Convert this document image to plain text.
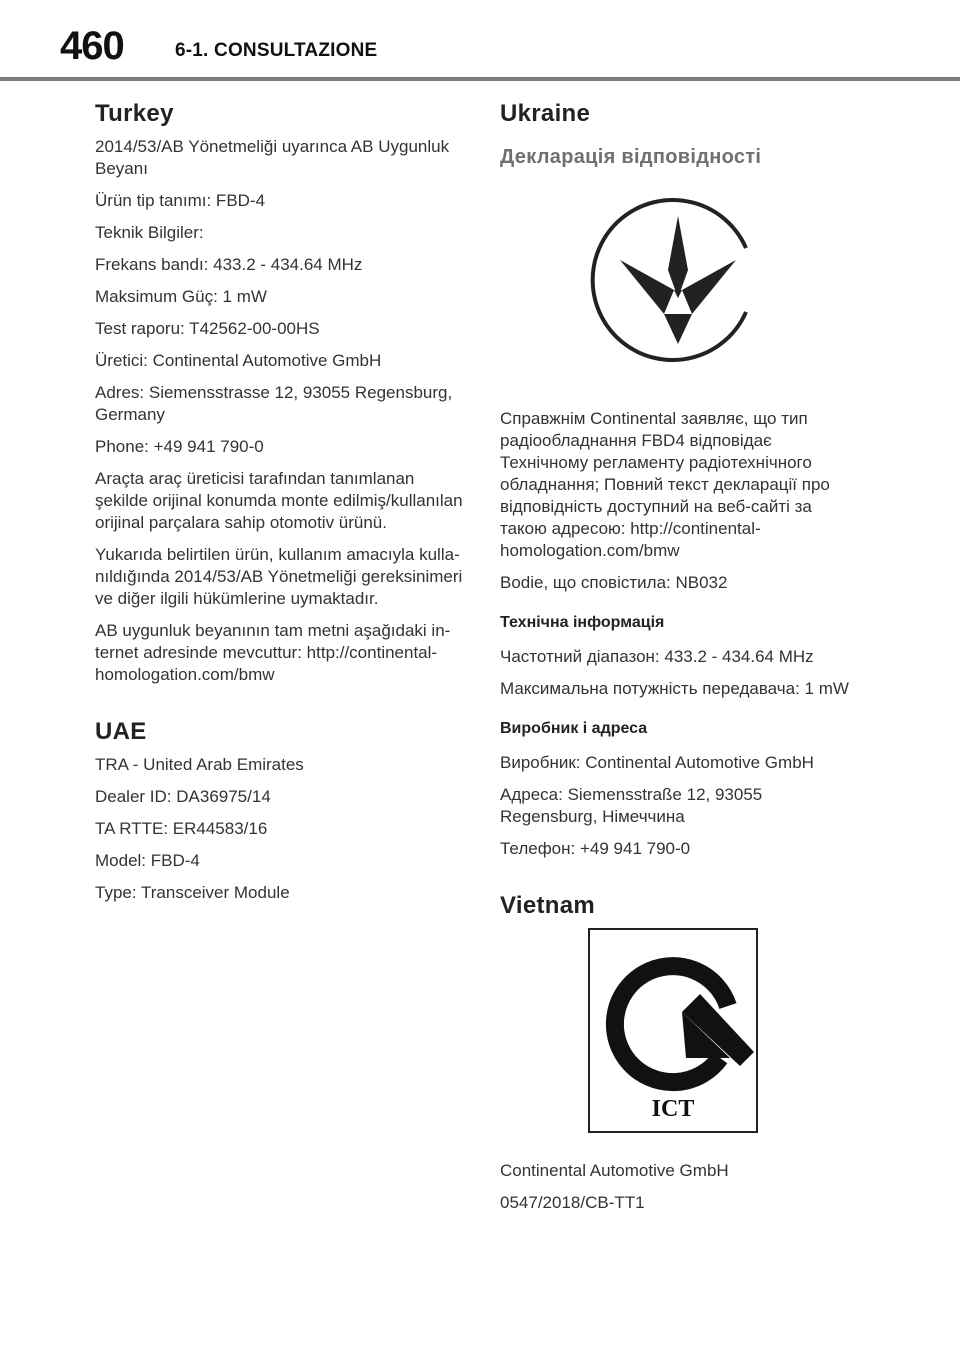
460	6-1. CONSULTAZIONE
Turkey

2014/53/AB Yönetmeliği uyarınca AB Uygunluk Beyanı

Ürün tip tanımı: FBD-4

Teknik Bilgiler:

Frekans bandı: 433.2 - 434.64 MHz

Maksimum Güç: 1 mW

Test raporu: T42562-00-00HS

Üretici: Continental Automotive GmbH

Adres: Siemensstrasse 12, 93055 Regensburg, Germany

Phone: +49 941 790-0

Araçta araç üreticisi tarafından tanımlanan şekilde orijinal konumda monte edilmiş/kullanılan orijinal parçalara sahip otomotiv ürünü.

Yukarıda belirtilen ürün, kullanım amacıyla kulla-nıldığında 2014/53/AB Yönetmeliği gereksinimeri ve diğer ilgili hükümlerine uymaktadır.

AB uygunluk beyanının tam metni aşağıdaki in-ternet adresinde mevcuttur: http://continental-homologation.com/bmw

UAE

TRA - United Arab Emirates

Dealer ID: DA36975/14

TA RTTE: ER44583/16

Model: FBD-4

Type: Transceiver Module

Ukraine
Декларація відповідності

Справжнім Continental заявляє, що тип радіообладнання FBD4 відповідає Технічному регламенту радіотехнічного обладнання; Повний текст декларації про відповідність доступний на веб-сайті за такою адресою: http://continental-homologation.com/bmw

Bodie, що сповістила: NB032

Технічна інформація

Частотний діапазон: 433.2 - 434.64 MHz

Максимальна потужність передавача: 1 mW

Виробник і адреса

Виробник: Continental Automotive GmbH

Адреса: Siemensstraße 12, 93055 Regensburg, Німеччина

Телефон: +49 941 790-0

Vietnam
ICT

Continental Automotive GmbH

0547/2018/CB-TT1
